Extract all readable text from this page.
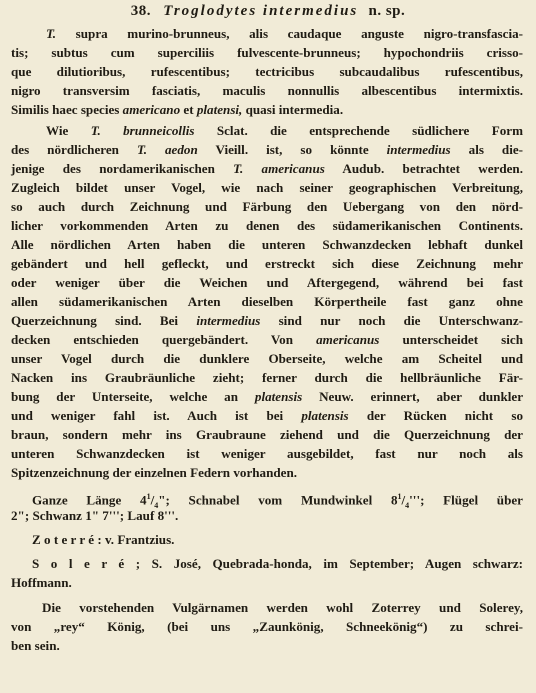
38. Troglodytes intermedius n. sp.
T. supra murino-brunneus, alis caudaque anguste nigro-transfascia-
tis; subtus cum superciliis fulvescente-brunneus; hypochondriis crisso-
que dilutioribus, rufescentibus; tectricibus subcaudalibus rufescentibus,
nigro transversim fasciatis, maculis nonnullis albescentibus intermixtis.
Similis haec species americano et platensi, quasi intermedia.
Wie T. brunneicollis Sclat. die entsprechende südlichere Form
des nördlicheren T. aedon Vieill. ist, so könnte intermedius als die-
jenige des nordamerikanischen T. americanus Audub. betrachtet werden.
Zugleich bildet unser Vogel, wie nach seiner geographischen Verbreitung,
so auch durch Zeichnung und Färbung den Uebergang von den nörd-
licher vorkommenden Arten zu denen des südamerikanischen Continents.
Alle nördlichen Arten haben die unteren Schwanzdecken lebhaft dunkel
gebändert und hell gefleckt, und erstreckt sich diese Zeichnung mehr
oder weniger über die Weichen und Aftergegend, während bei fast
allen südamerikanischen Arten dieselben Körpertheile fast ganz ohne
Querzeichnung sind. Bei intermedius sind nur noch die Unterschwanz-
decken entschieden quergebändert. Von americanus unterscheidet sich
unser Vogel durch die dunklere Oberseite, welche am Scheitel und
Nacken ins Graubräunliche zieht; ferner durch die hellbräunliche Fär-
bung der Unterseite, welche an platensis Neuw. erinnert, aber dunkler
und weniger fahl ist. Auch ist bei platensis der Rücken nicht so
braun, sondern mehr ins Graubraune ziehend und die Querzeichnung der
unteren Schwanzdecken ist weniger ausgebildet, fast nur noch als
Spitzenzeichnung der einzelnen Federn vorhanden.
Ganze Länge $4^1/_4$"; Schnabel vom Mundwinkel $8^1/_4'''$; Flügel über
2"; Schwanz 1" 7'''; Lauf 8'''.
Z o t e r r é : v. Frantzius.
S o l e r é ; S. José, Quebrada-honda, im September; Augen schwarz:
Hoffmann.
Die vorstehenden Vulgärnamen werden wohl Zoterrey und Solerey,
von „rey“ König, (bei uns „Zaunkönig, Schneekönig“) zu schrei-
ben sein.
